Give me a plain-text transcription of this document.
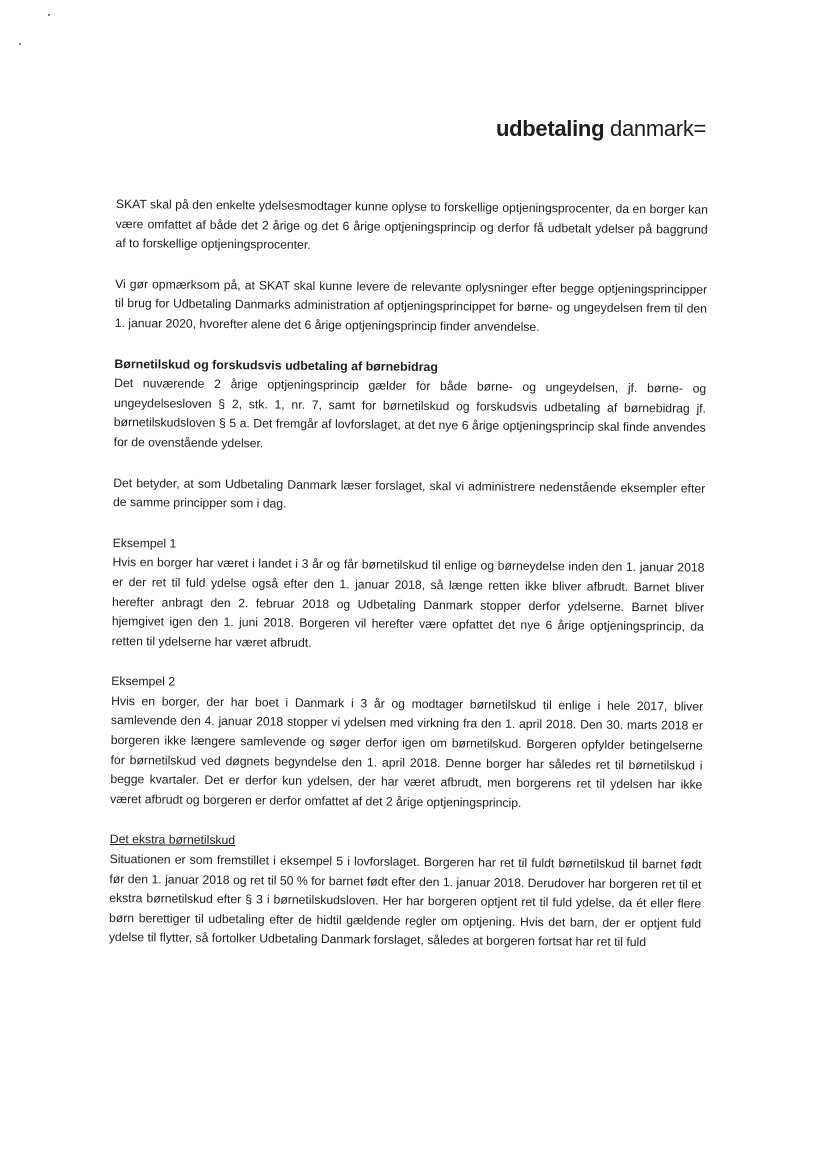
udbetaling danmark=

SKAT skal på den enkelte ydelsesmodtager kunne oplyse to forskellige optjeningsprocenter, da en borger kan være omfattet af både det 2 årige og det 6 årige optjeningsprincip og derfor få udbetalt ydelser på baggrund af to forskellige optjeningsprocenter.

Vi gør opmærksom på, at SKAT skal kunne levere de relevante oplysninger efter begge optjeningsprincipper til brug for Udbetaling Danmarks administration af optjeningsprincippet for børne- og ungeydelsen frem til den 1. januar 2020, hvorefter alene det 6 årige optjeningsprincip finder anvendelse.

Børnetilskud og forskudsvis udbetaling af børnebidrag

Det nuværende 2 årige optjeningsprincip gælder for både børne- og ungeydelsen, jf. børne- og ungeydelsesloven § 2, stk. 1, nr. 7, samt for børnetilskud og forskudsvis udbetaling af børnebidrag jf. børnetilskudsloven § 5 a. Det fremgår af lovforslaget, at det nye 6 årige optjeningsprincip skal finde anvendes for de ovenstående ydelser.

Det betyder, at som Udbetaling Danmark læser forslaget, skal vi administrere nedenstående eksempler efter de samme principper som i dag.

Eksempel 1

Hvis en borger har været i landet i 3 år og får børnetilskud til enlige og børneydelse inden den 1. januar 2018 er der ret til fuld ydelse også efter den 1. januar 2018, så længe retten ikke bliver afbrudt. Barnet bliver herefter anbragt den 2. februar 2018 og Udbetaling Danmark stopper derfor ydelserne. Barnet bliver hjemgivet igen den 1. juni 2018. Borgeren vil herefter være opfattet det nye 6 årige optjeningsprincip, da retten til ydelserne har været afbrudt.

Eksempel 2

Hvis en borger, der har boet i Danmark i 3 år og modtager børnetilskud til enlige i hele 2017, bliver samlevende den 4. januar 2018 stopper vi ydelsen med virkning fra den 1. april 2018. Den 30. marts 2018 er borgeren ikke længere samlevende og søger derfor igen om børnetilskud. Borgeren opfylder betingelserne for børnetilskud ved døgnets begyndelse den 1. april 2018. Denne borger har således ret til børnetilskud i begge kvartaler. Det er derfor kun ydelsen, der har været afbrudt, men borgerens ret til ydelsen har ikke været afbrudt og borgeren er derfor omfattet af det 2 årige optjeningsprincip.

Det ekstra børnetilskud

Situationen er som fremstillet i eksempel 5 i lovforslaget. Borgeren har ret til fuldt børnetilskud til barnet født før den 1. januar 2018 og ret til 50 % for barnet født efter den 1. januar 2018. Derudover har borgeren ret til et ekstra børnetilskud efter § 3 i børnetilskudsloven. Her har borgeren optjent ret til fuld ydelse, da ét eller flere børn berettiger til udbetaling efter de hidtil gældende regler om optjening. Hvis det barn, der er optjent fuld ydelse til flytter, så fortolker Udbetaling Danmark forslaget, således at borgeren fortsat har ret til fuld
